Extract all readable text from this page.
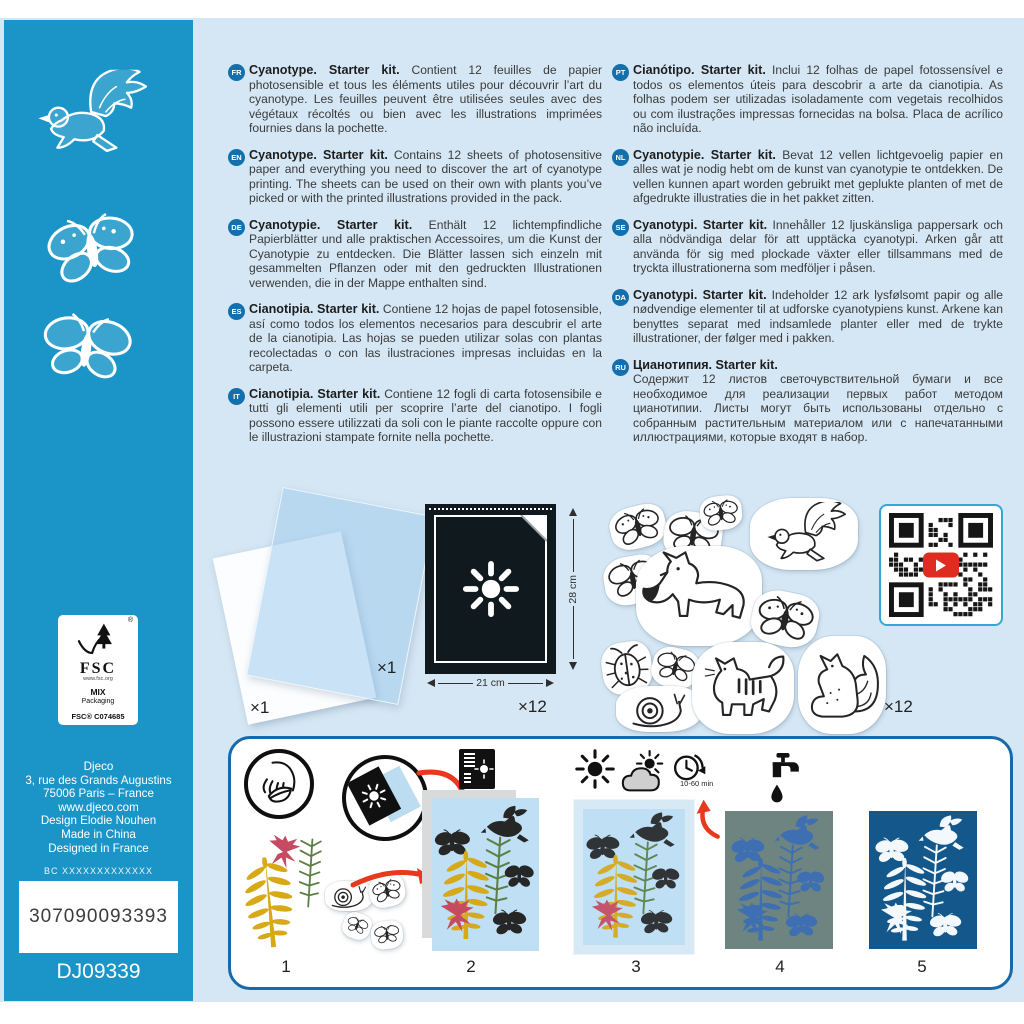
®
FSC
www.fsc.org
MIX
Packaging
FSC® C074685
Djeco
3, rue des Grands Augustins
75006 Paris – France
www.djeco.com
Design Elodie Nouhen
Made in China
Designed in France
BC XXXXXXXXXXXXX
307090093393
DJ09339
FR Cyanotype. Starter kit. Contient 12 feuilles de papier photosensible et tous les éléments utiles pour découvrir l’art du cyanotype. Les feuilles peuvent être utilisées seules avec des végétaux récoltés ou bien avec les illustrations imprimées fournies dans la pochette.

EN Cyanotype. Starter kit. Contains 12 sheets of photosensitive paper and everything you need to discover the art of cyanotype printing. The sheets can be used on their own with plants you’ve picked or with the printed illustrations provided in the pack.

DE Cyanotypie. Starter kit. Enthält 12 lichtempfindliche Papierblätter und alle praktischen Accessoires, um die Kunst der Cyanotypie zu entdecken. Die Blätter lassen sich einzeln mit gesammelten Pflanzen oder mit den gedruckten Illustrationen verwenden, die in der Mappe enthalten sind.

ES Cianotipia. Starter kit. Contiene 12 hojas de papel fotosensible, así como todos los elementos necesarios para descubrir el arte de la cianotipia. Las hojas se pueden utilizar solas con plantas recolectadas o con las ilustraciones impresas incluidas en la carpeta.

IT Cianotipia. Starter kit. Contiene 12 fogli di carta fotosensibile e tutti gli elementi utili per scoprire l’arte del cianotipo. I fogli possono essere utilizzati da soli con le piante raccolte oppure con le illustrazioni stampate fornite nella pochette.

PT Cianótipo. Starter kit. Inclui 12 folhas de papel fotossensível e todos os elementos úteis para descobrir a arte da cianotipia. As folhas podem ser utilizadas isoladamente com vegetais recolhidos ou com ilustrações impressas fornecidas na bolsa. Placa de acrílico não incluída.

NL Cyanotypie. Starter kit. Bevat 12 vellen lichtgevoelig papier en alles wat je nodig hebt om de kunst van cyanotypie te ontdekken. De vellen kunnen apart worden gebruikt met geplukte planten of met de afgedrukte illustraties die in het pakket zitten.

SE Cyanotypi. Starter kit. Innehåller 12 ljuskänsliga pappersark och alla nödvändiga delar för att upptäcka cyanotypi. Arken går att använda för sig med plockade växter eller tillsammans med de tryckta illustrationerna som medföljer i påsen.

DA Cyanotypi. Starter kit. Indeholder 12 ark lysfølsomt papir og alle nødvendige elementer til at udforske cyanotypiens kunst. Arkene kan benyttes separat med indsamlede planter eller med de trykte illustrationer, der følger med i pakken.

RU Цианотипия. Starter kit.
Содержит 12 листов светочувствительной бумаги и все необходимое для реализации первых работ методом цианотипии. Листы могут быть использованы отдельно с собранным растительным материалом или с напечатанными иллюстрациями, которые входят в набор.

×1
×1
21 cm
28 cm
×12	×12
10-60 min
1	2	3	4	5
